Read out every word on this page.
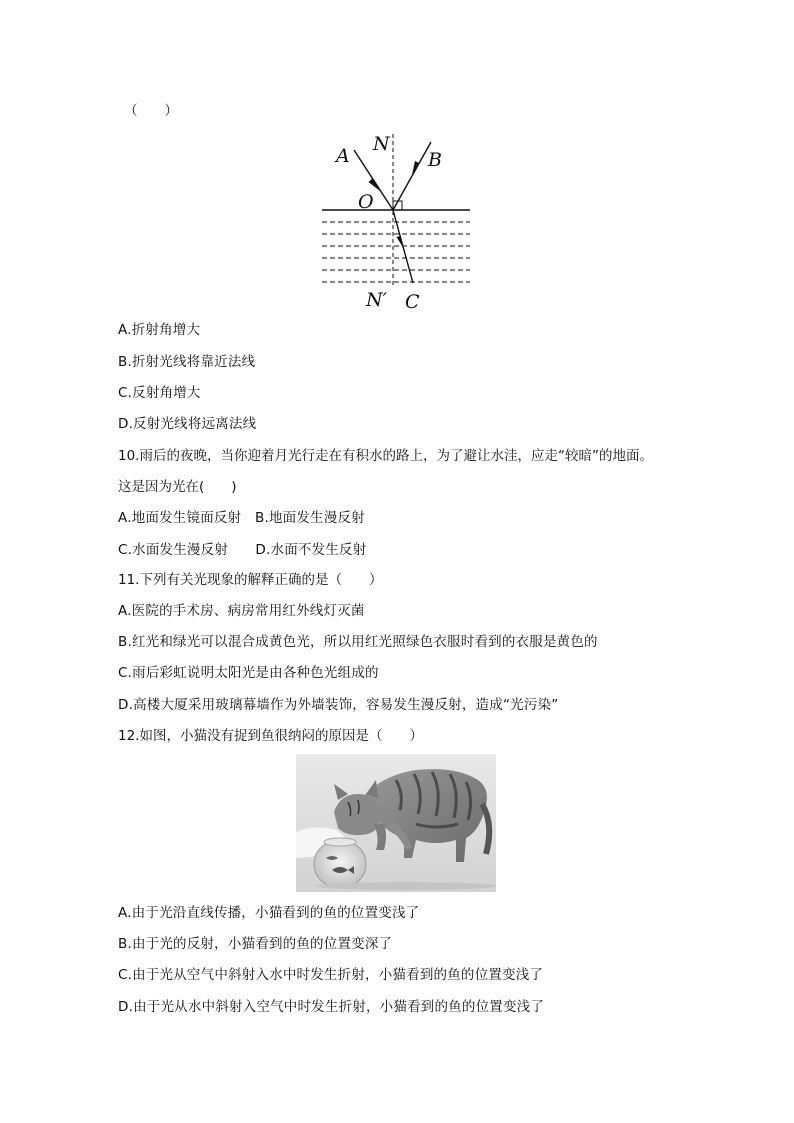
（　　）
A
N
B
O
N′ C
A.折射角增大
B.折射光线将靠近法线
C.反射角增大
D.反射光线将远离法线
10.雨后的夜晚，当你迎着月光行走在有积水的路上，为了避让水洼，应走“较暗”的地面。
这是因为光在(　　)
A.地面发生镜面反射　B.地面发生漫反射
C.水面发生漫反射　　D.水面不发生反射
11.下列有关光现象的解释正确的是（　　）
A.医院的手术房、病房常用红外线灯灭菌
B.红光和绿光可以混合成黄色光，所以用红光照绿色衣服时看到的衣服是黄色的
C.雨后彩虹说明太阳光是由各种色光组成的
D.高楼大厦采用玻璃幕墙作为外墙装饰，容易发生漫反射，造成“光污染”
12.如图，小猫没有捉到鱼很纳闷的原因是（　　）
A.由于光沿直线传播，小猫看到的鱼的位置变浅了
B.由于光的反射，小猫看到的鱼的位置变深了
C.由于光从空气中斜射入水中时发生折射，小猫看到的鱼的位置变浅了
D.由于光从水中斜射入空气中时发生折射，小猫看到的鱼的位置变浅了
